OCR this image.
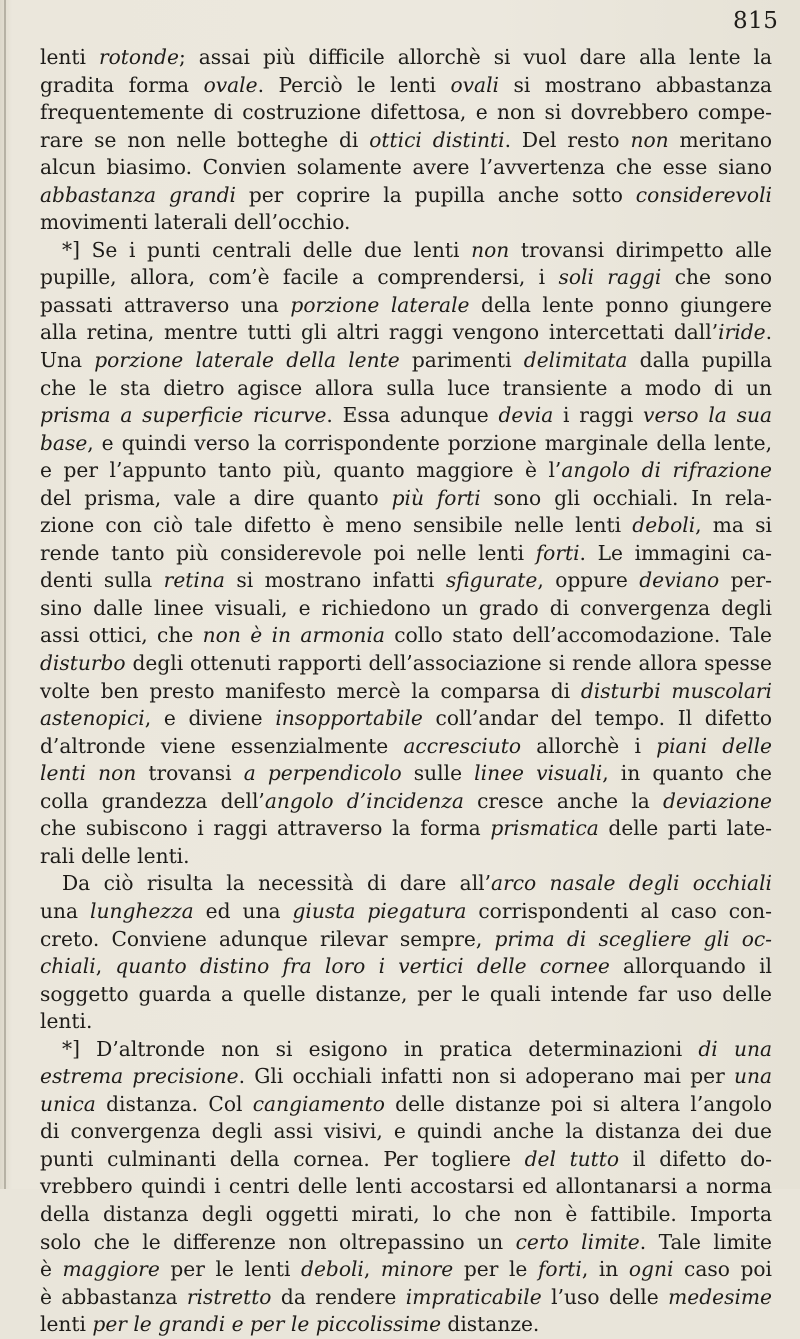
815
lenti rotonde; assai più difficile allorchè si vuol dare alla lente la
gradita forma ovale. Perciò le lenti ovali si mostrano abbastanza
frequentemente di costruzione difettosa, e non si dovrebbero compe-
rare se non nelle botteghe di ottici distinti. Del resto non meritano
alcun biasimo. Convien solamente avere l’avvertenza che esse siano
abbastanza grandi per coprire la pupilla anche sotto considerevoli
movimenti laterali dell’occhio.
*] Se i punti centrali delle due lenti non trovansi dirimpetto alle
pupille, allora, com’è facile a comprendersi, i soli raggi che sono
passati attraverso una porzione laterale della lente ponno giungere
alla retina, mentre tutti gli altri raggi vengono intercettati dall’iride.
Una porzione laterale della lente parimenti delimitata dalla pupilla
che le sta dietro agisce allora sulla luce transiente a modo di un
prisma a superficie ricurve. Essa adunque devia i raggi verso la sua
base, e quindi verso la corrispondente porzione marginale della lente,
e per l’appunto tanto più, quanto maggiore è l’angolo di rifrazione
del prisma, vale a dire quanto più forti sono gli occhiali. In rela-
zione con ciò tale difetto è meno sensibile nelle lenti deboli, ma si
rende tanto più considerevole poi nelle lenti forti. Le immagini ca-
denti sulla retina si mostrano infatti sfigurate, oppure deviano per-
sino dalle linee visuali, e richiedono un grado di convergenza degli
assi ottici, che non è in armonia collo stato dell’accomodazione. Tale
disturbo degli ottenuti rapporti dell’associazione si rende allora spesse
volte ben presto manifesto mercè la comparsa di disturbi muscolari
astenopici, e diviene insopportabile coll’andar del tempo. Il difetto
d’altronde viene essenzialmente accresciuto allorchè i piani delle
lenti non trovansi a perpendicolo sulle linee visuali, in quanto che
colla grandezza dell’angolo d’incidenza cresce anche la deviazione
che subiscono i raggi attraverso la forma prismatica delle parti late-
rali delle lenti.
Da ciò risulta la necessità di dare all’arco nasale degli occhiali
una lunghezza ed una giusta piegatura corrispondenti al caso con-
creto. Conviene adunque rilevar sempre, prima di scegliere gli oc-
chiali, quanto distino fra loro i vertici delle cornee allorquando il
soggetto guarda a quelle distanze, per le quali intende far uso delle
lenti.
*] D’altronde non si esigono in pratica determinazioni di una
estrema precisione. Gli occhiali infatti non si adoperano mai per una
unica distanza. Col cangiamento delle distanze poi si altera l’angolo
di convergenza degli assi visivi, e quindi anche la distanza dei due
punti culminanti della cornea. Per togliere del tutto il difetto do-
vrebbero quindi i centri delle lenti accostarsi ed allontanarsi a norma
della distanza degli oggetti mirati, lo che non è fattibile. Importa
solo che le differenze non oltrepassino un certo limite. Tale limite
è maggiore per le lenti deboli, minore per le forti, in ogni caso poi
è abbastanza ristretto da rendere impraticabile l’uso delle medesime
lenti per le grandi e per le piccolissime distanze.
